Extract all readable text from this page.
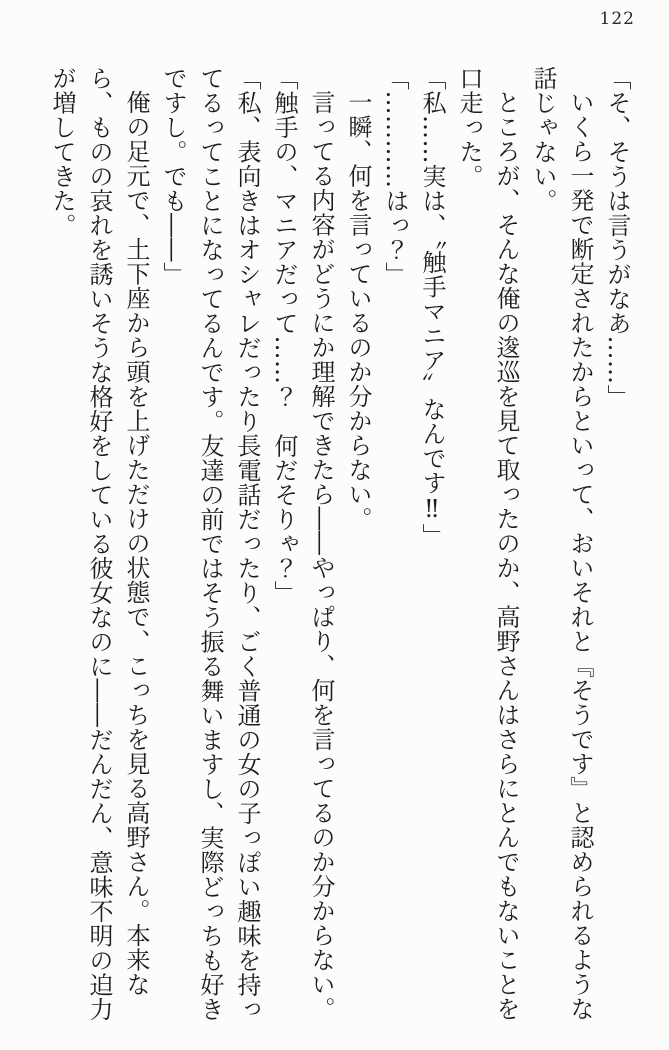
122

「そ、そうは言うがなあ……」

いくら一発で断定されたからといって、おいそれと『そうです』と認められるような話じゃない。

ところが、そんな俺の逡巡を見て取ったのか、高野さんはさらにとんでもないことを口走った。

「私……実は、〝触手マニア〟なんです‼」

「…………はっ？」

一瞬、何を言っているのか分からない。

言ってる内容がどうにか理解できたら――やっぱり、何を言ってるのか分からない。

「触手の、マニアだって……？　何だそりゃ？」

「私、表向きはオシャレだったり長電話だったり、ごく普通の女の子っぽい趣味を持ってるってことになってるんです。友達の前ではそう振る舞いますし、実際どっちも好きですし。でも――」

俺の足元で、土下座から頭を上げただけの状態で、こっちを見る高野さん。本来なら、ものの哀れを誘いそうな格好をしている彼女なのに――だんだん、意味不明の迫力が増してきた。
